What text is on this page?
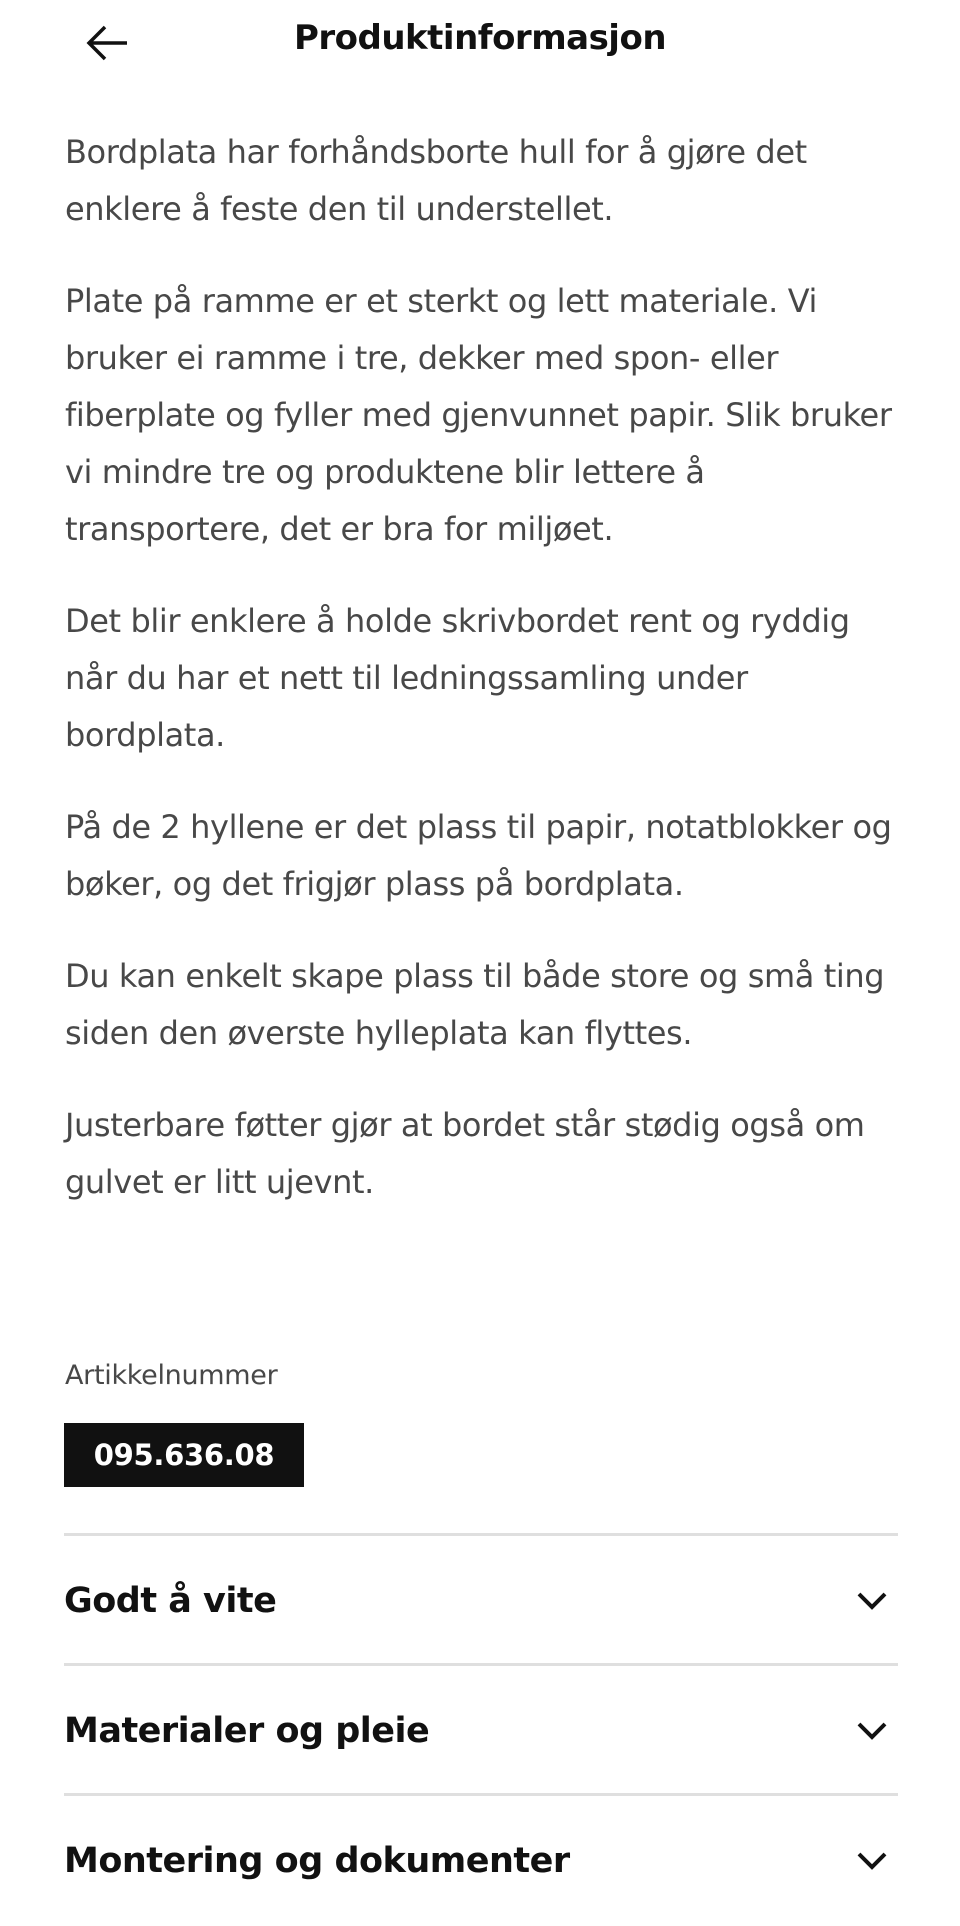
Produktinformasjon

Bordplata har forhåndsborte hull for å gjøre det enklere å feste den til understellet.

Plate på ramme er et sterkt og lett materiale. Vi bruker ei ramme i tre, dekker med spon- eller fiberplate og fyller med gjenvunnet papir. Slik bruker vi mindre tre og produktene blir lettere å transportere, det er bra for miljøet.

Det blir enklere å holde skrivbordet rent og ryddig når du har et nett til ledningssamling under bordplata.

På de 2 hyllene er det plass til papir, notatblokker og bøker, og det frigjør plass på bordplata.

Du kan enkelt skape plass til både store og små ting siden den øverste hylleplata kan flyttes.

Justerbare føtter gjør at bordet står stødig også om gulvet er litt ujevnt.

Artikkelnummer
095.636.08
Godt å vite
Materialer og pleie
Montering og dokumenter
